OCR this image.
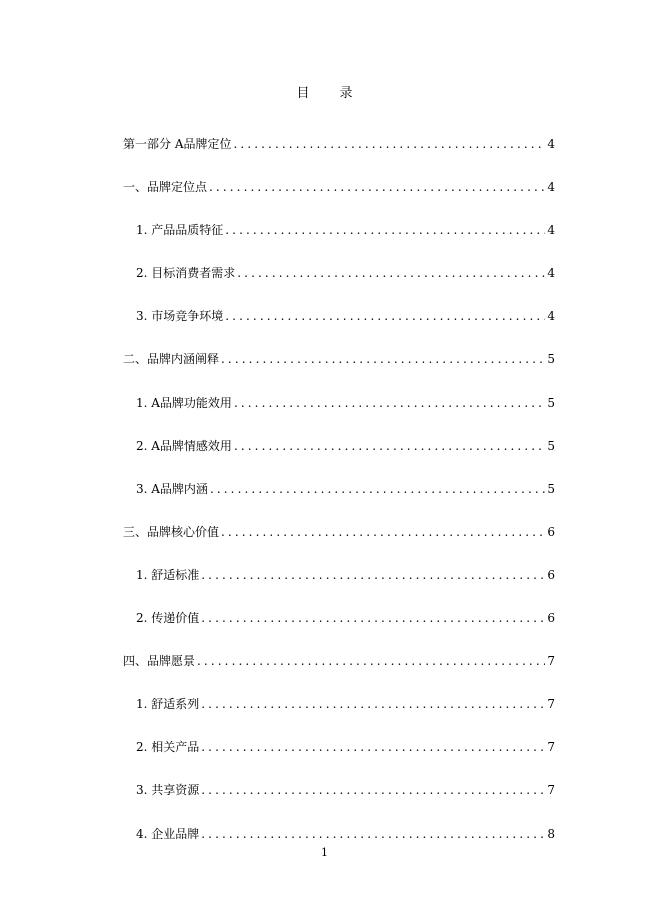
目 录
第一部分 A品牌定位 .....	4
一、品牌定位点 .....	4
1. 产品品质特征 .....	4
2. 目标消费者需求 .....	4
3. 市场竞争环境 .....	4
二、品牌内涵阐释 .....	5
1. A品牌功能效用 .....	5
2. A品牌情感效用 .....	5
3. A品牌内涵 .....	5
三、品牌核心价值 .....	6
1. 舒适标准 .....	6
2. 传递价值 .....	6
四、品牌愿景 .....	7
1. 舒适系列 .....	7
2. 相关产品 .....	7
3. 共享资源 .....	7
4. 企业品牌 .....	8
1
